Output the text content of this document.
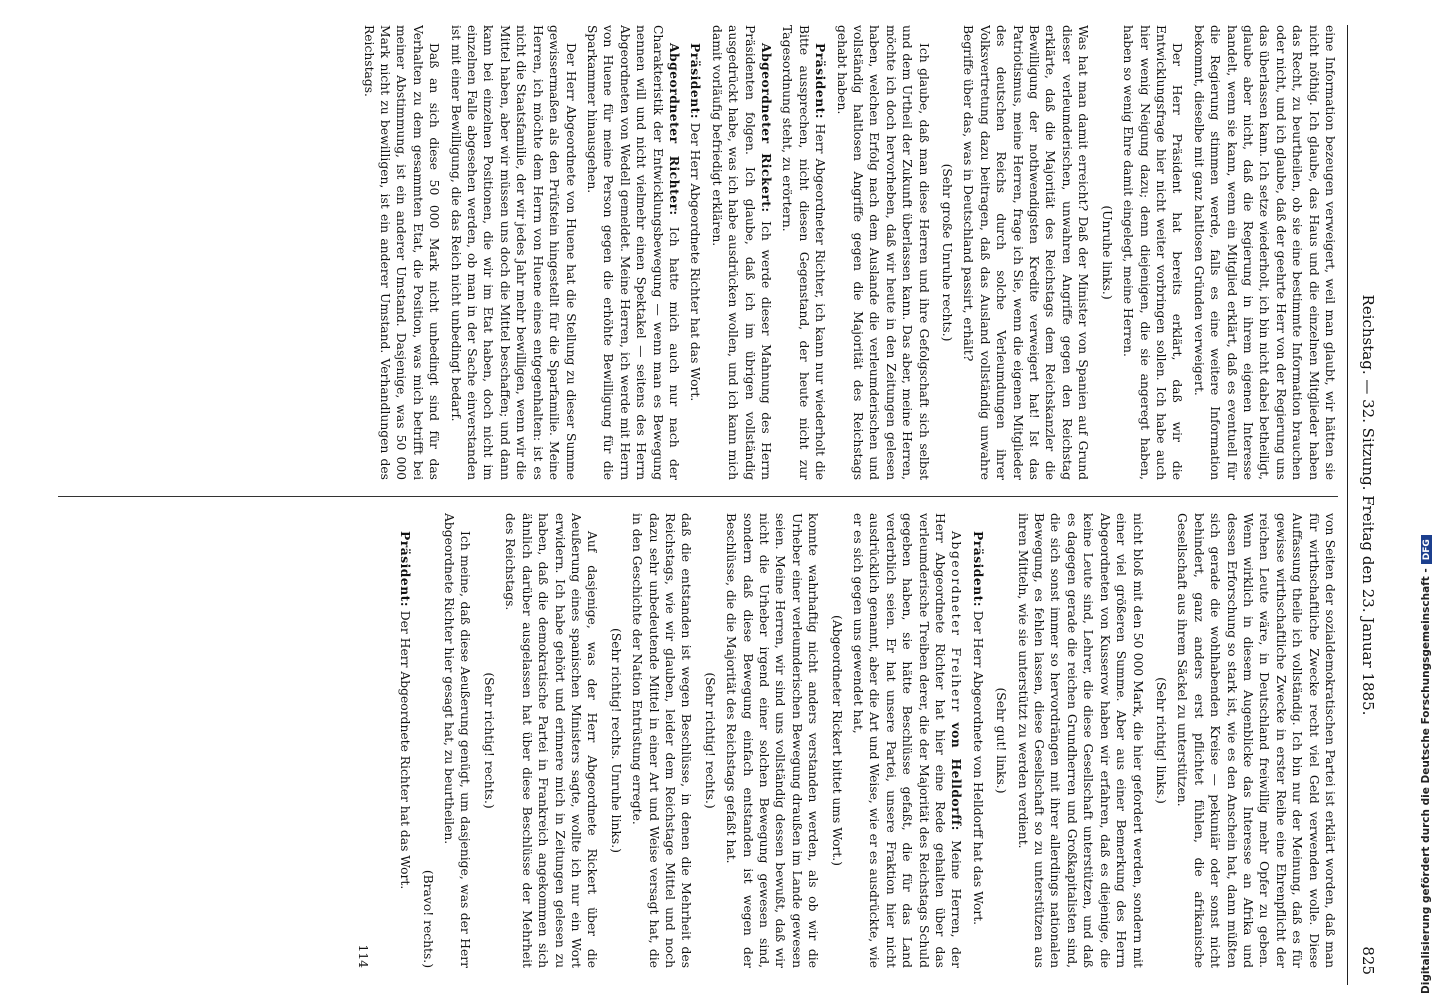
Reichstag. — 32. Sitzung. Freitag den 23. Januar 1885.
825

eine Information bezeugen verweigert, weil man glaubt, wir hätten sie nicht nöthig. Ich glaube, das Haus und die einzelnen Mitglieder haben das Recht, zu beurtheilen, ob sie eine bestimmte Information brauchen oder nicht, und ich glaube, daß der geehrte Herr von der Regierung uns das überlassen kann. Ich setze wiederholt, ich bin nicht dabei betheiligt, glaube aber nicht, daß die Regierung in ihrem eigenen Interesse handelt, wenn sie kann, wenn ein Mitglied erklärt, daß es eventuell für die Regierung stimmen werde, falls es eine weitere Information bekommt, dieselbe mit ganz haltlosen Gründen verweigert.

Der Herr Präsident hat bereits erklärt, daß wir die Entwicklungsfrage hier nicht weiter vorbringen sollen. Ich habe auch hier wenig Neigung dazu; denn diejenigen, die sie angeregt haben, haben so wenig Ehre damit eingelegt, meine Herren.

(Unruhe links.)

Was hat man damit erreicht? Daß der Minister von Spanien auf Grund dieser verleumderischen, unwahren Angriffe gegen den Reichstag erklärte, daß die Majorität des Reichstags dem Reichskanzler die Bewilligung der nothwendigsten Kredite verweigert hat! Ist das Patriotismus, meine Herren, frage ich Sie, wenn die eigenen Mitglieder des deutschen Reichs durch solche Verleumdungen ihrer Volksvertretung dazu beitragen, daß das Ausland vollständig unwahre Begriffe über das, was in Deutschland passirt, erhält?

(Sehr große Unruhe rechts.)

Ich glaube, daß man diese Herren und ihre Gefolgschaft sich selbst und dem Urtheil der Zukunft überlassen kann. Das aber, meine Herren, möchte ich doch hervorheben, daß wir heute in den Zeitungen gelesen haben, welchen Erfolg nach dem Auslande die verleumderischen und vollständig haltlosen Angriffe gegen die Majorität des Reichstags gehabt haben.

Präsident: Herr Abgeordneter Richter, ich kann nur wiederholt die Bitte aussprechen, nicht diesen Gegenstand, der heute nicht zur Tagesordnung steht, zu erörtern.

Abgeordneter Rickert: Ich werde dieser Mahnung des Herrn Präsidenten folgen. Ich glaube, daß ich im übrigen vollständig ausgedrückt habe, was ich habe ausdrücken wollen, und ich kann mich damit vorläufig befriedigt erklären.

Präsident: Der Herr Abgeordnete Richter hat das Wort.

Abgeordneter Richter: Ich hatte mich auch nur nach der Charakteristik der Entwicklungsbewegung — wenn man es Bewegung nennen will und nicht vielmehr einen Spektakel — seitens des Herrn Abgeordneten von Wedell gemeldet. Meine Herren, ich werde mit Herrn von Huene für meine Person gegen die erhöhte Bewilligung für die Sparkammer hinausgehen.

Der Herr Abgeordnete von Huene hat die Stellung zu dieser Summe gewissermaßen als den Prüfstein hingestellt für die Sparfamilie. Meine Herren, ich möchte dem Herrn von Huene eines entgegenhalten: ist es nicht die Staatsfamilie, der wir jedes Jahr mehr bewilligen, wenn wir die Mittel haben, aber wir müssen uns doch die Mittel beschaffen; und dann kann bei einzelnen Positionen, die wir im Etat haben, doch nicht im einzelnen Falle abgesehen werden, ob man in der Sache einverstanden ist mit einer Bewilligung, die das Reich nicht unbedingt bedarf.

Daß an sich diese 50 000 Mark nicht unbedingt sind für das Verhalten zu dem gesammten Etat, die Position, was mich betrifft bei meiner Abstimmung, ist ein anderer Umstand. Dasjenige, was 50 000 Mark nicht zu bewilligen, ist ein anderer Umstand. Verhandlungen des Reichstags.

von Seiten der sozialdemokratischen Partei ist erklärt worden, daß man für wirthschaftliche Zwecke recht viel Geld verwenden wolle. Diese Auffassung theile ich vollständig. Ich bin nur der Meinung, daß es für gewisse wirthschaftliche Zwecke in erster Reihe eine Ehrenpflicht der reichen Leute wäre, in Deutschland freiwillig mehr Opfer zu geben. Wenn wirklich in diesem Augenblicke das Interesse an Afrika und dessen Erforschung so stark ist, wie es den Anschein hat, dann müßten sich gerade die wohlhabenden Kreise — pekuniär oder sonst nicht behindert, ganz anders erst pflichtet fühlen, die afrikanische Gesellschaft aus ihrem Säckel zu unterstützen.

(Sehr richtig! links.)

nicht bloß mit den 50 000 Mark, die hier gefordert werden, sondern mit einer viel größeren Summe. Aber aus einer Bemerkung des Herrn Abgeordneten von Kusserow haben wir erfahren, daß es diejenige, die keine Leute sind, Lehrer, die diese Gesellschaft unterstützen, und daß es dagegen gerade die reichen Grundherren und Großkapitalisten sind, die sich sonst immer so hervordrängen mit ihrer allerdings nationalen Bewegung, es fehlen lassen, diese Gesellschaft so zu unterstützen aus ihren Mitteln, wie sie unterstützt zu werden verdient.

(Sehr gut! links.)

Präsident: Der Herr Abgeordnete von Helldorff hat das Wort.

Abgeordneter Freiherr von Helldorff: Meine Herren, der Herr Abgeordnete Richter hat hier eine Rede gehalten über das verleumderische Treiben derer, die der Majorität des Reichstags Schuld gegeben haben, sie hätte Beschlüsse gefaßt, die für das Land verderblich seien. Er hat unsere Partei, unsere Fraktion hier nicht ausdrücklich genannt, aber die Art und Weise, wie er es ausdrückte, wie er es sich gegen uns gewendet hat,

(Abgeordneter Rickert bittet ums Wort.)

konnte wahrhaftig nicht anders verstanden werden, als ob wir die Urheber einer verleumderischen Bewegung draußen im Lande gewesen seien. Meine Herren, wir sind uns vollständig dessen bewußt, daß wir nicht die Urheber irgend einer solchen Bewegung gewesen sind, sondern daß diese Bewegung einfach entstanden ist wegen der Beschlüsse, die die Majorität des Reichstags gefaßt hat.

(Sehr richtig! rechts.)

daß die entstanden ist wegen Beschlüsse, in denen die Mehrheit des Reichstags, wie wir glauben, leider dem Reichstage Mittel und noch dazu sehr unbedeutende Mittel in einer Art und Weise versagt hat, die in den Geschichte der Nation Entrüstung erregte.

(Sehr richtig! rechts. Unruhe links.)

Auf dasjenige, was der Herr Abgeordnete Rickert über die Aeußerung eines spanischen Ministers sagte, wollte ich nur ein Wort erwidern. Ich habe gehört und erinnere mich in Zeitungen gelesen zu haben, daß die demokratische Partei in Frankreich angekommen sich ähnlich darüber ausgelassen hat über diese Beschlüsse der Mehrheit des Reichstags.

(Sehr richtig! rechts.)

Ich meine, daß diese Aeußerung genügt, um dasjenige, was der Herr Abgeordnete Richter hier gesagt hat, zu beurtheilen.

(Bravo! rechts.)

Präsident: Der Herr Abgeordnete Richter hat das Wort.

114	Digitalisierung gefördert durch die Deutsche Forschungsgemeinschaft -DFG
